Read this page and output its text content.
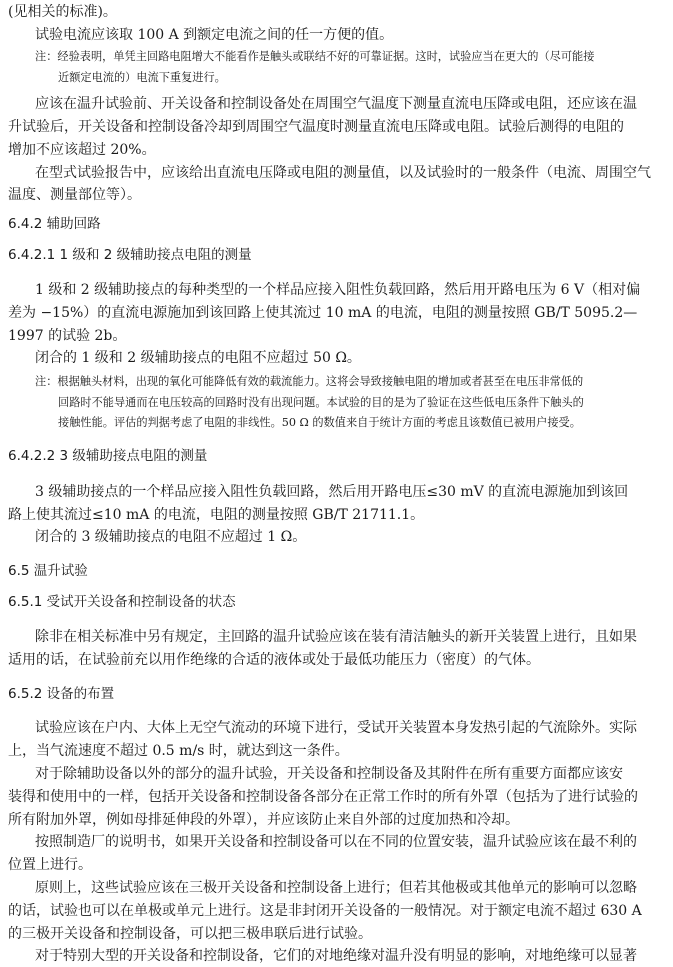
(见相关的标准)。
试验电流应该取 100 A 到额定电流之间的任一方便的值。
注：经验表明，单凭主回路电阻增大不能看作是触头或联结不好的可靠证据。这时，试验应当在更大的（尽可能接
近额定电流的）电流下重复进行。
应该在温升试验前、开关设备和控制设备处在周围空气温度下测量直流电压降或电阻，还应该在温
升试验后，开关设备和控制设备冷却到周围空气温度时测量直流电压降或电阻。试验后测得的电阻的
增加不应该超过 20%。
在型式试验报告中，应该给出直流电压降或电阻的测量值，以及试验时的一般条件（电流、周围空气
温度、测量部位等）。
6.4.2 辅助回路
6.4.2.1 1 级和 2 级辅助接点电阻的测量
1 级和 2 级辅助接点的每种类型的一个样品应接入阻性负载回路，然后用开路电压为 6 V（相对偏
差为 −15%）的直流电源施加到该回路上使其流过 10 mA 的电流，电阻的测量按照 GB/T 5095.2—
1997 的试验 2b。
闭合的 1 级和 2 级辅助接点的电阻不应超过 50 Ω。
注：根据触头材料，出现的氧化可能降低有效的载流能力。这将会导致接触电阻的增加或者甚至在电压非常低的
回路时不能导通而在电压较高的回路时没有出现问题。本试验的目的是为了验证在这些低电压条件下触头的
接触性能。评估的判据考虑了电阻的非线性。50 Ω 的数值来自于统计方面的考虑且该数值已被用户接受。
6.4.2.2 3 级辅助接点电阻的测量
3 级辅助接点的一个样品应接入阻性负载回路，然后用开路电压≤30 mV 的直流电源施加到该回
路上使其流过≤10 mA 的电流，电阻的测量按照 GB/T 21711.1。
闭合的 3 级辅助接点的电阻不应超过 1 Ω。
6.5 温升试验
6.5.1 受试开关设备和控制设备的状态
除非在相关标准中另有规定，主回路的温升试验应该在装有清洁触头的新开关装置上进行，且如果
适用的话，在试验前充以用作绝缘的合适的液体或处于最低功能压力（密度）的气体。
6.5.2 设备的布置
试验应该在户内、大体上无空气流动的环境下进行，受试开关装置本身发热引起的气流除外。实际
上，当气流速度不超过 0.5 m/s 时，就达到这一条件。
对于除辅助设备以外的部分的温升试验，开关设备和控制设备及其附件在所有重要方面都应该安
装得和使用中的一样，包括开关设备和控制设备各部分在正常工作时的所有外罩（包括为了进行试验的
所有附加外罩，例如母排延伸段的外罩），并应该防止来自外部的过度加热和冷却。
按照制造厂的说明书，如果开关设备和控制设备可以在不同的位置安装，温升试验应该在最不利的
位置上进行。
原则上，这些试验应该在三极开关设备和控制设备上进行；但若其他极或其他单元的影响可以忽略
的话，试验也可以在单极或单元上进行。这是非封闭开关设备的一般情况。对于额定电流不超过 630 A
的三极开关设备和控制设备，可以把三极串联后进行试验。
对于特别大型的开关设备和控制设备，它们的对地绝缘对温升没有明显的影响，对地绝缘可以显著
